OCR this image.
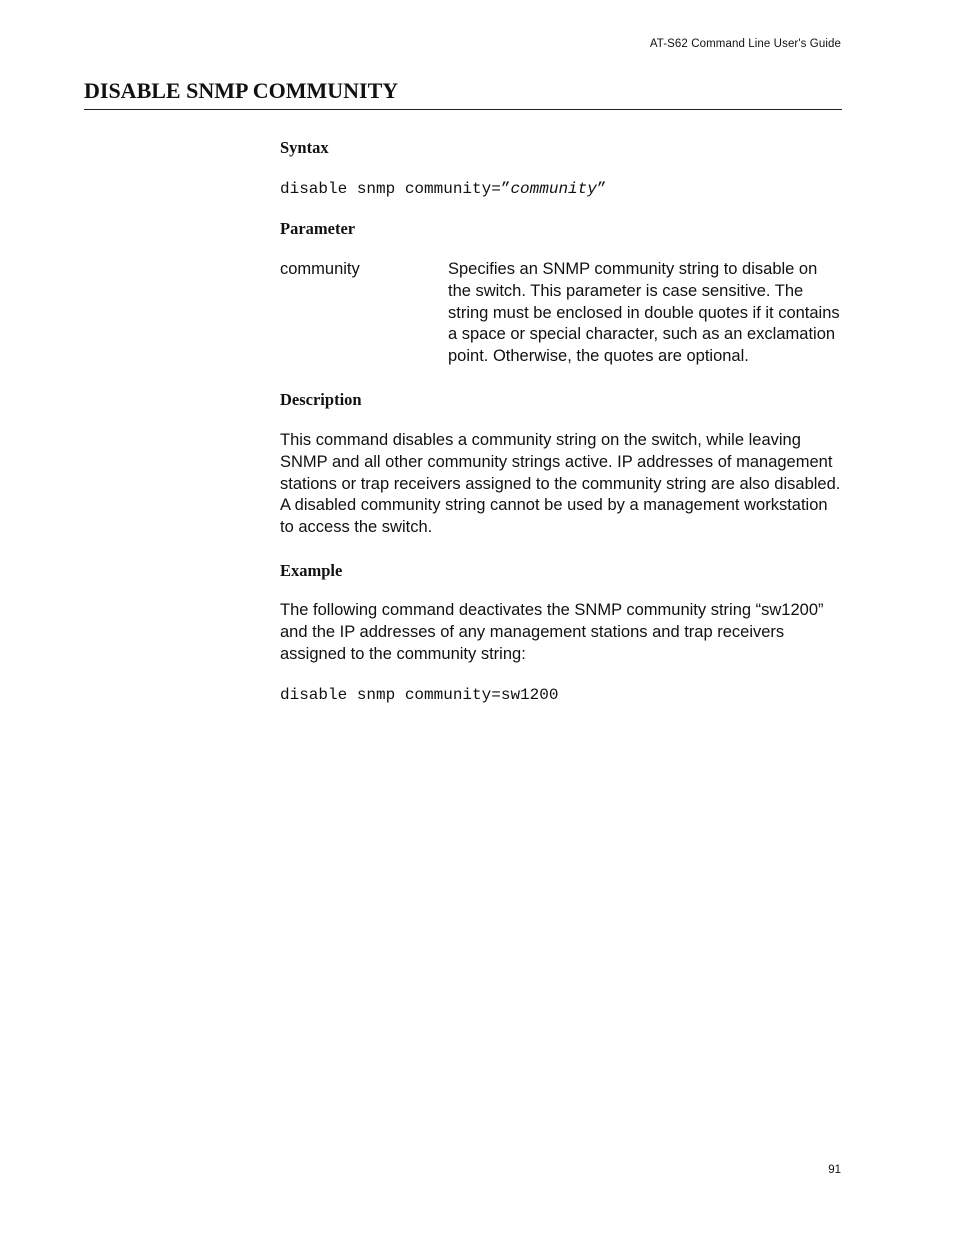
AT-S62 Command Line User's Guide
DISABLE SNMP COMMUNITY
Syntax

disable snmp community=”community”

Parameter
community	Specifies an SNMP community string to disable on the switch. This parameter is case sensitive. The string must be enclosed in double quotes if it contains a space or special character, such as an exclamation point. Otherwise, the quotes are optional.
Description

This command disables a community string on the switch, while leaving SNMP and all other community strings active. IP addresses of management stations or trap receivers assigned to the community string are also disabled. A disabled community string cannot be used by a management workstation to access the switch.

Example

The following command deactivates the SNMP community string “sw1200” and the IP addresses of any management stations and trap receivers assigned to the community string:

disable snmp community=sw1200

91
